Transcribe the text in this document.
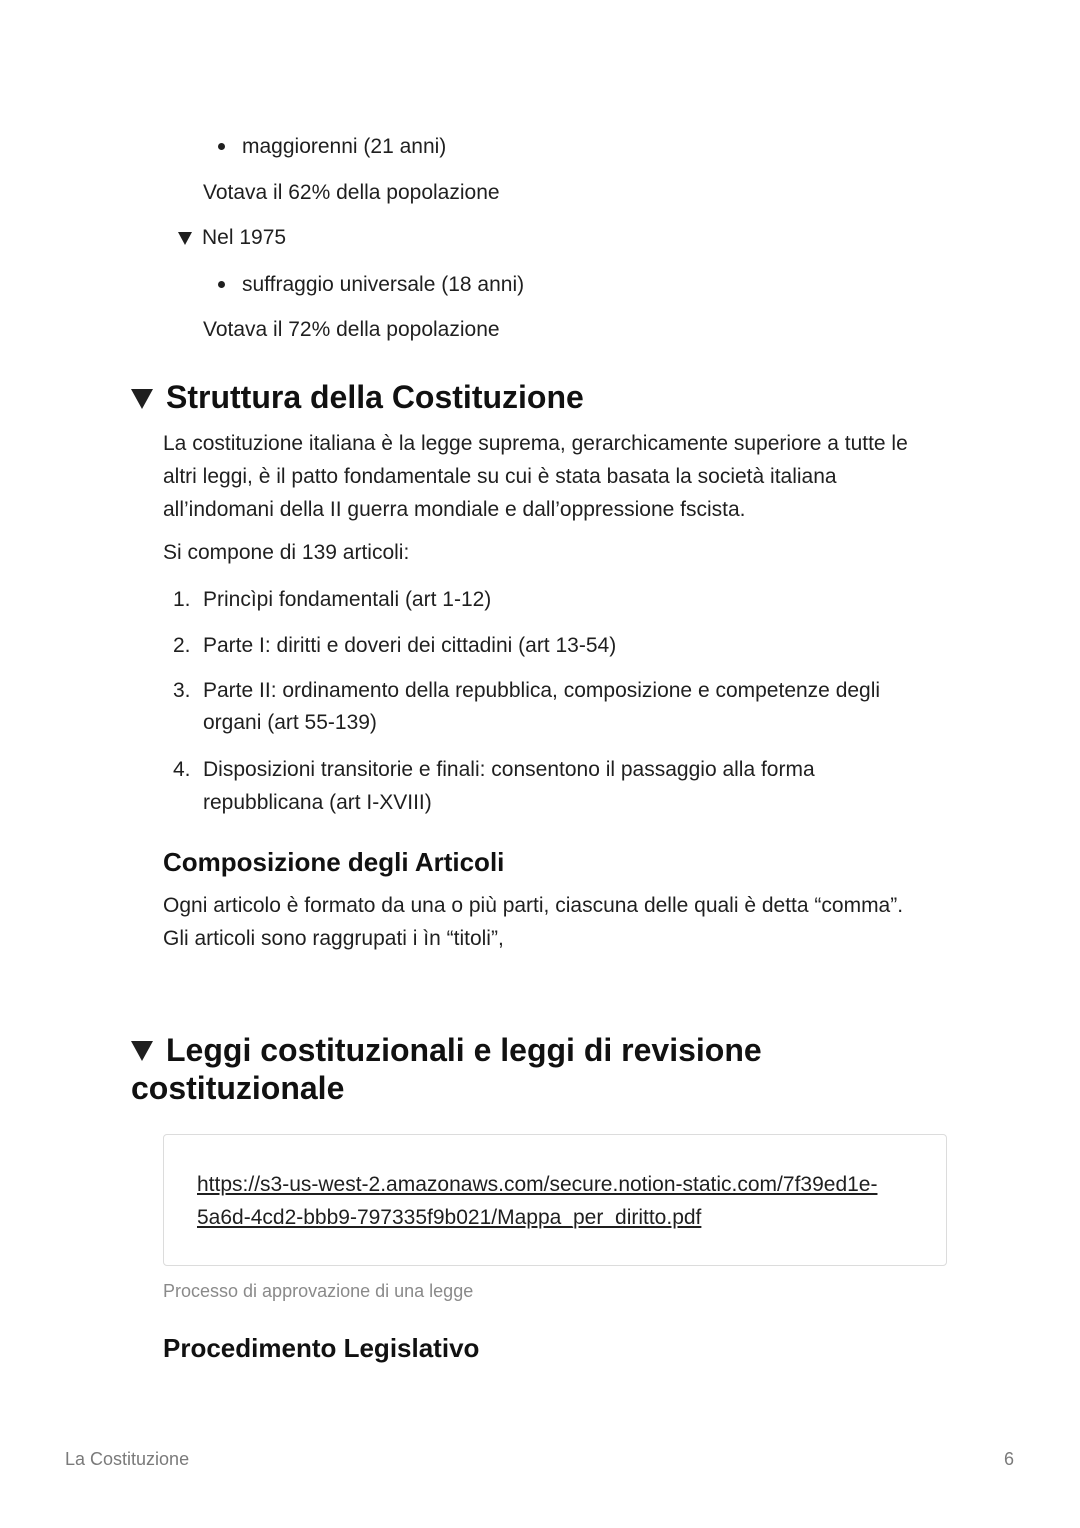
maggiorenni (21 anni)
Votava il 62% della popolazione
Nel 1975
suffraggio universale (18 anni)
Votava il 72% della popolazione
Struttura della Costituzione
La costituzione italiana è la legge suprema, gerarchicamente superiore a tutte le
altri leggi, è il patto fondamentale su cui è stata basata la società italiana
all’indomani della II guerra mondiale e dall’oppressione fscista.
Si compone di 139 articoli:
1. Princìpi fondamentali (art 1-12)
2. Parte I: diritti e doveri dei cittadini (art 13-54)
3. Parte II: ordinamento della repubblica, composizione e competenze degli
organi (art 55-139)
4. Disposizioni transitorie e finali: consentono il passaggio alla forma
repubblicana (art I-XVIII)
Composizione degli Articoli
Ogni articolo è formato da una o più parti, ciascuna delle quali è detta “comma”.
Gli articoli sono raggrupati i ìn “titoli”,
Leggi costituzionali e leggi di revisione
costituzionale
https://s3-us-west-2.amazonaws.com/secure.notion-static.com/7f39ed1e-
5a6d-4cd2-bbb9-797335f9b021/Mappa_per_diritto.pdf
Processo di approvazione di una legge
Procedimento Legislativo
La Costituzione	6
